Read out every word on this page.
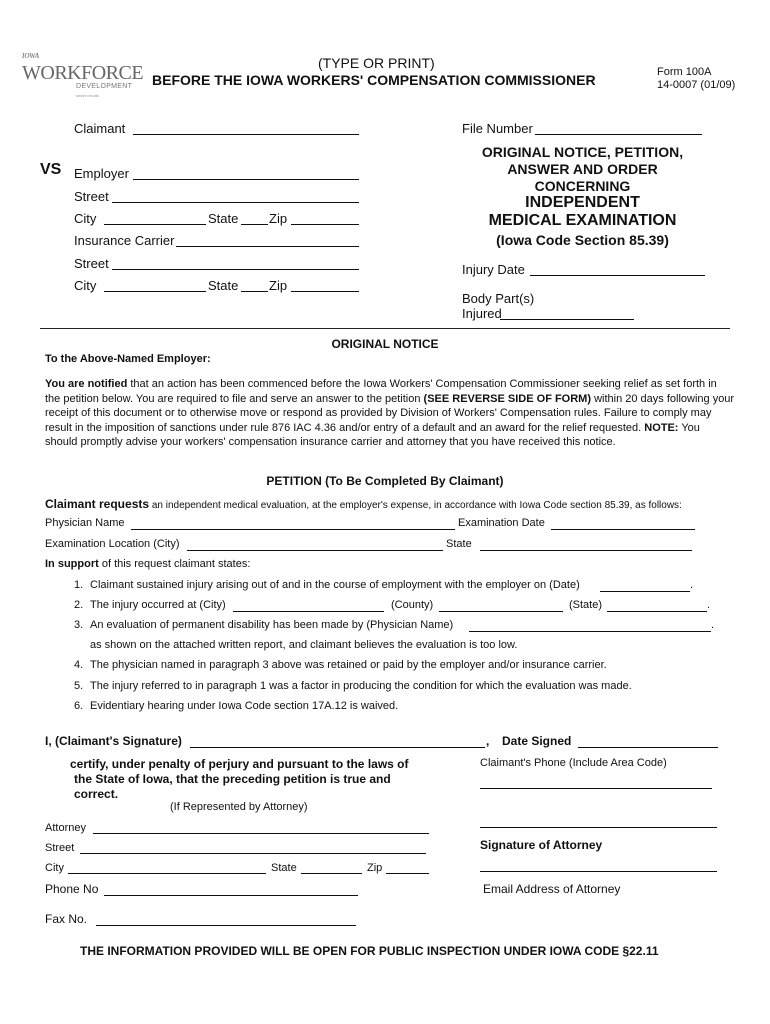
IOWA
WORKFORCE
DEVELOPMENT
smart results
(TYPE OR PRINT)
BEFORE THE IOWA WORKERS' COMPENSATION COMMISSIONER	Form 100A
14-0007 (01/09)
Claimant
VS Employer
Street
City	State Zip
Insurance Carrier
Street
City	State Zip
File Number
ORIGINAL NOTICE, PETITION,
ANSWER AND ORDER
CONCERNING
INDEPENDENT
MEDICAL EXAMINATION
(Iowa Code Section 85.39)
Injury Date
Body Part(s)
Injured
ORIGINAL NOTICE
To the Above-Named Employer:
You are notified that an action has been commenced before the Iowa Workers' Compensation Commissioner seeking relief as set forth in the petition below. You are required to file and serve an answer to the petition (SEE REVERSE SIDE OF FORM) within 20 days following your receipt of this document or to otherwise move or respond as provided by Division of Workers' Compensation rules. Failure to comply may result in the imposition of sanctions under rule 876 IAC 4.36 and/or entry of a default and an award for the relief requested. NOTE: You should promptly advise your workers' compensation insurance carrier and attorney that you have received this notice.
PETITION (To Be Completed By Claimant)
Claimant requests an independent medical evaluation, at the employer's expense, in accordance with Iowa Code section 85.39, as follows:
Physician Name	Examination Date
Examination Location (City)	State
In support of this request claimant states:
1. Claimant sustained injury arising out of and in the course of employment with the employer on (Date)	.
2. The injury occurred at (City)	(County)	(State)	.
3. An evaluation of permanent disability has been made by (Physician Name)	.
as shown on the attached written report, and claimant believes the evaluation is too low.
4. The physician named in paragraph 3 above was retained or paid by the employer and/or insurance carrier.
5. The injury referred to in paragraph 1 was a factor in producing the condition for which the evaluation was made.
6. Evidentiary hearing under Iowa Code section 17A.12 is waived.
I, (Claimant's Signature)	, Date Signed
certify, under penalty of perjury and pursuant to the laws of
the State of Iowa, that the preceding petition is true and
correct.
Claimant's Phone (Include Area Code)
(If Represented by Attorney)
Attorney
Street	Signature of Attorney
City	State	Zip
Phone No	Email Address of Attorney
Fax No.
THE INFORMATION PROVIDED WILL BE OPEN FOR PUBLIC INSPECTION UNDER IOWA CODE §22.11
